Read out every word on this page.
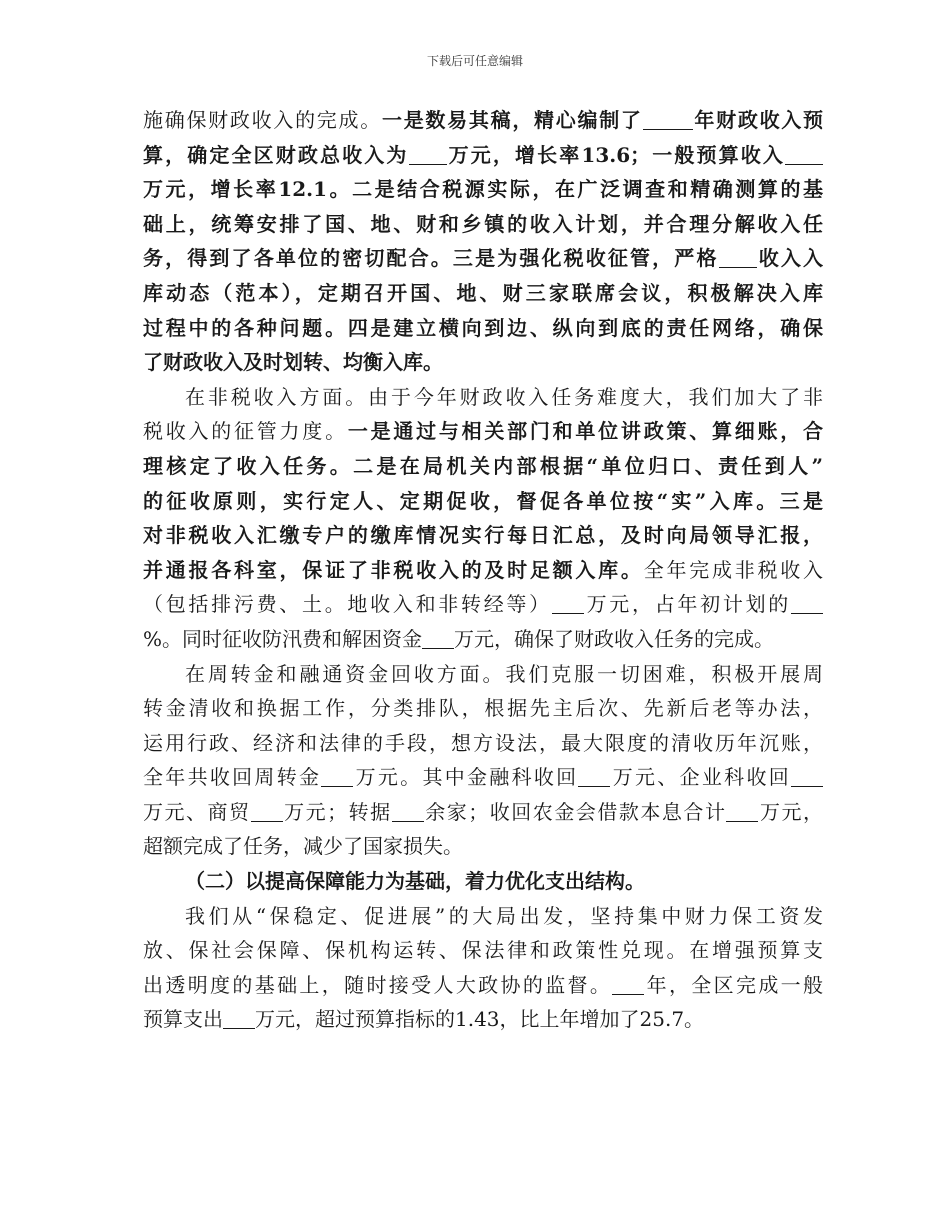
下载后可任意编辑
施确保财政收入的完成。一是数易其稿，精心编制了	年财政收入预
算，确定全区财政总收入为 万元，增长率13.6；一般预算收入
万元，增长率12.1。二是结合税源实际，在广泛调查和精确测算的基
础上，统筹安排了国、地、财和乡镇的收入计划，并合理分解收入任
务，得到了各单位的密切配合。三是为强化税收征管，严格 收入入
库动态（范本），定期召开国、地、财三家联席会议，积极解决入库
过程中的各种问题。四是建立横向到边、纵向到底的责任网络，确保
了财政收入及时划转、均衡入库。
在非税收入方面。由于今年财政收入任务难度大，我们加大了非
税收入的征管力度。一是通过与相关部门和单位讲政策、算细账，合
理核定了收入任务。二是在局机关内部根据“单位归口、责任到人”
的征收原则，实行定人、定期促收，督促各单位按“实”入库。三是
对非税收入汇缴专户的缴库情况实行每日汇总，及时向局领导汇报，
并通报各科室，保证了非税收入的及时足额入库。全年完成非税收入
（包括排污费、土。地收入和非转经等） 万元，占年初计划的
%。同时征收防汛费和解困资金 万元，确保了财政收入任务的完成。
在周转金和融通资金回收方面。我们克服一切困难，积极开展周
转金清收和换据工作，分类排队，根据先主后次、先新后老等办法，
运用行政、经济和法律的手段，想方设法，最大限度的清收历年沉账，
全年共收回周转金 万元。其中金融科收回 万元、企业科收回
万元、商贸 万元；转据 余家；收回农金会借款本息合计 万元，
超额完成了任务，减少了国家损失。
（二）以提高保障能力为基础，着力优化支出结构。
我们从“保稳定、促进展”的大局出发，坚持集中财力保工资发
放、保社会保障、保机构运转、保法律和政策性兑现。在增强预算支
出透明度的基础上，随时接受人大政协的监督。 年，全区完成一般
预算支出 万元，超过预算指标的1.43，比上年增加了25.7。
